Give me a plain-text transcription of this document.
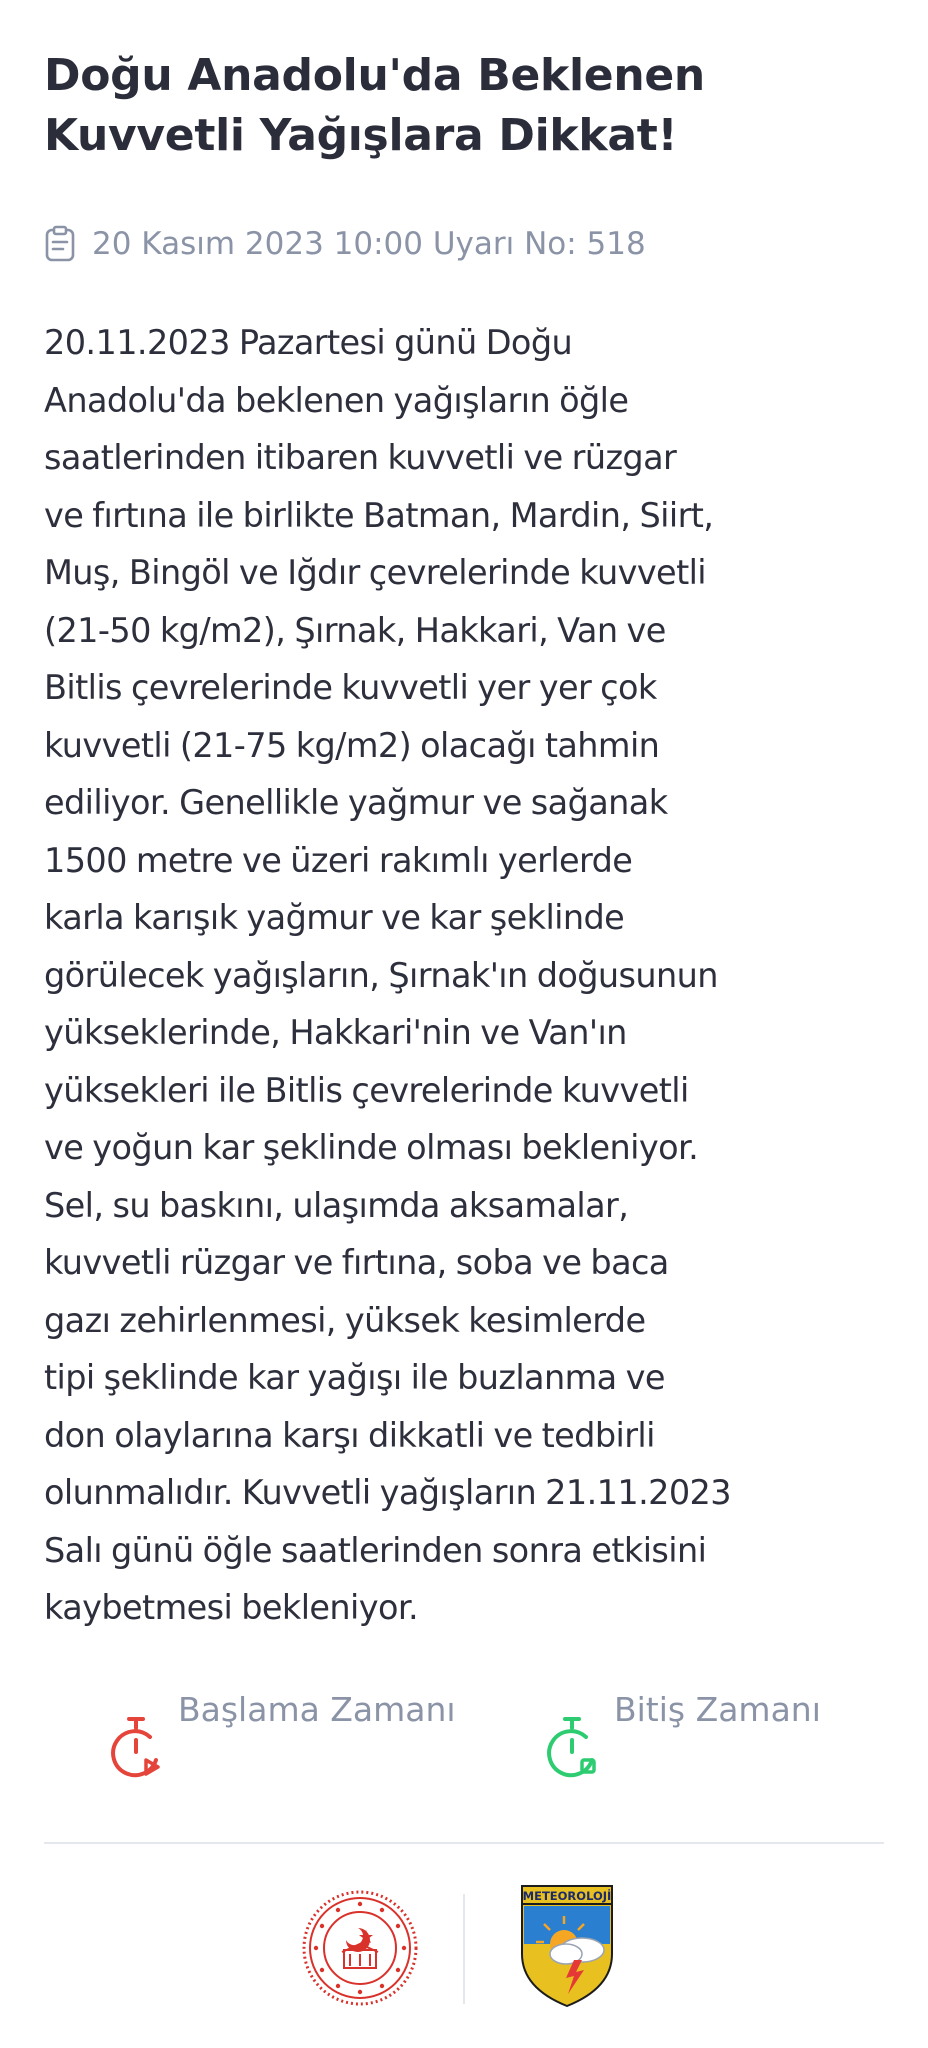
Doğu Anadolu'da Beklenen Kuvvetli Yağışlara Dikkat!
20 Kasım 2023 10:00 Uyarı No: 518

20.11.2023 Pazartesi günü Doğu
Anadolu'da beklenen yağışların öğle
saatlerinden itibaren kuvvetli ve rüzgar
ve fırtına ile birlikte Batman, Mardin, Siirt,
Muş, Bingöl ve Iğdır çevrelerinde kuvvetli
(21-50 kg/m2), Şırnak, Hakkari, Van ve
Bitlis çevrelerinde kuvvetli yer yer çok
kuvvetli (21-75 kg/m2) olacağı tahmin
ediliyor. Genellikle yağmur ve sağanak
1500 metre ve üzeri rakımlı yerlerde
karla karışık yağmur ve kar şeklinde
görülecek yağışların, Şırnak'ın doğusunun
yükseklerinde, Hakkari'nin ve Van'ın
yüksekleri ile Bitlis çevrelerinde kuvvetli
ve yoğun kar şeklinde olması bekleniyor.
Sel, su baskını, ulaşımda aksamalar,
kuvvetli rüzgar ve fırtına, soba ve baca
gazı zehirlenmesi, yüksek kesimlerde
tipi şeklinde kar yağışı ile buzlanma ve
don olaylarına karşı dikkatli ve tedbirli
olunmalıdır. Kuvvetli yağışların 21.11.2023
Salı günü öğle saatlerinden sonra etkisini
kaybetmesi bekleniyor.

Başlama Zamanı	Bitiş Zamanı
METEOROLOJİ
